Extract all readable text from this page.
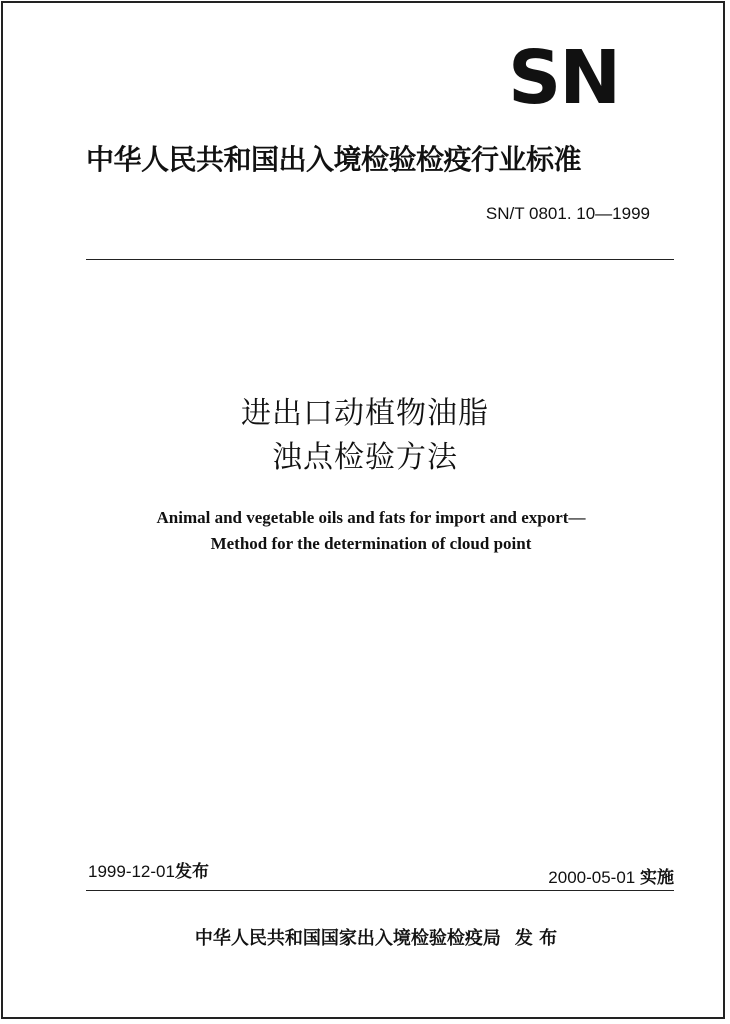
SN
中华人民共和国出入境检验检疫行业标准
SN/T 0801. 10—1999
进出口动植物油脂
浊点检验方法
Animal and vegetable oils and fats for import and export—
Method for the determination of cloud point
1999-12-01发布	2000-05-01 实施
中华人民共和国国家出入境检验检疫局 发 布
